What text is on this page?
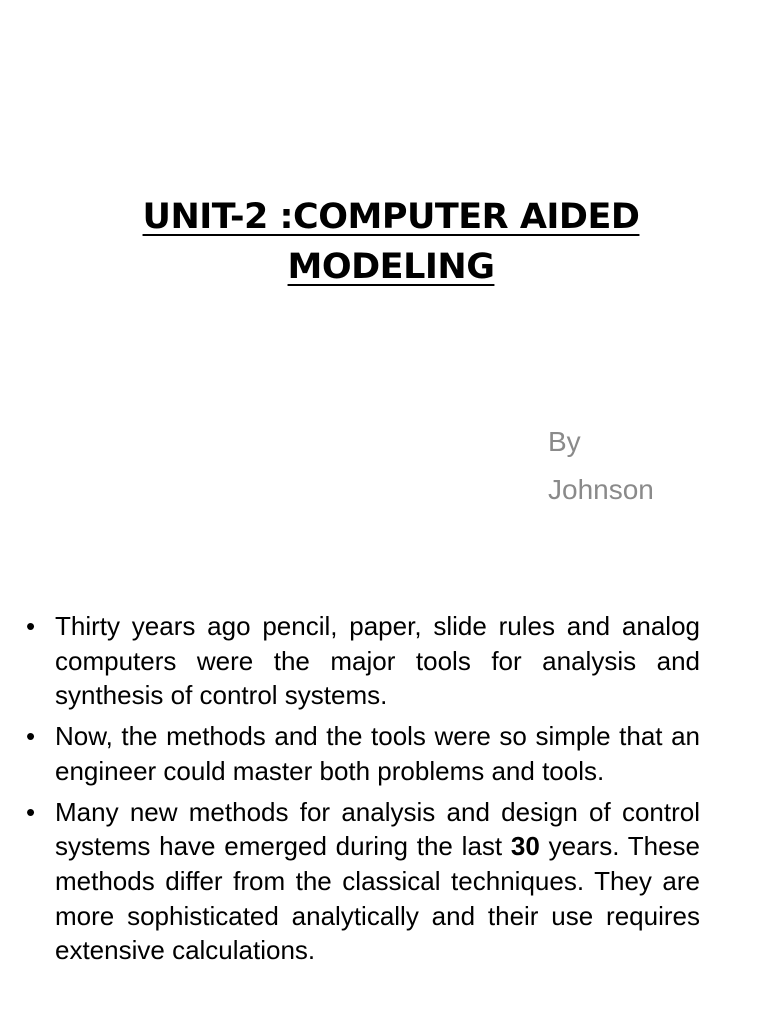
UNIT-2 :COMPUTER AIDED
MODELING
By
Johnson
• Thirty years ago pencil, paper, slide rules and analog computers were the major tools for analysis and synthesis of control systems.
• Now, the methods and the tools were so simple that an engineer could master both problems and tools.
• Many new methods for analysis and design of control systems have emerged during the last 30 years. These methods differ from the classical techniques. They are more sophisticated analytically and their use requires extensive calculations.
